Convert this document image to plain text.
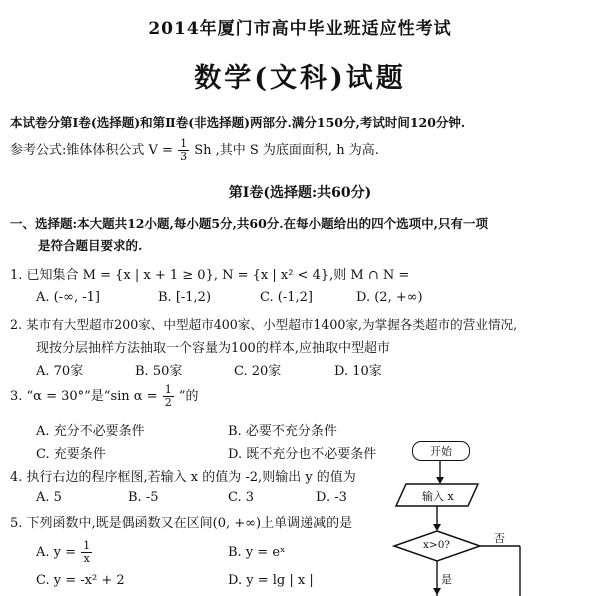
2014年厦门市高中毕业班适应性考试
数学(文科)试题
本试卷分第Ⅰ卷(选择题)和第Ⅱ卷(非选择题)两部分.满分150分,考试时间120分钟.
参考公式:锥体体积公式 $V = \frac{1}{3}$ Sh ,其中 S 为底面面积, h 为高.
第Ⅰ卷(选择题:共60分)
一、选择题:本大题共12小题,每小题5分,共60分.在每小题给出的四个选项中,只有一项
是符合题目要求的.
1. 已知集合 M = {x | x + 1 ≥ 0}, N = {x | x² < 4},则 M ∩ N =
A. (-∞, -1]	B. [-1,2)	C. (-1,2]	D. (2, +∞)
2. 某市有大型超市200家、中型超市400家、小型超市1400家,为掌握各类超市的营业情况,
现按分层抽样方法抽取一个容量为100的样本,应抽取中型超市
A. 70家	B. 50家	C. 20家	D. 10家
3. “α = 30°”是“sin $\alpha = \frac{1}{2}$ ”的
A. 充分不必要条件	B. 必要不充分条件
C. 充要条件	D. 既不充分也不必要条件
4. 执行右边的程序框图,若输入 x 的值为 -2,则输出 y 的值为
A. 5	B. -5	C. 3	D. -3
5. 下列函数中,既是偶函数又在区间(0, +∞)上单调递减的是
A. $y = \frac{1}{x}$	B. y = eˣ
C. y = -x² + 2	D. y = lg | x |
开始
输入 x
x>0?	否
是
